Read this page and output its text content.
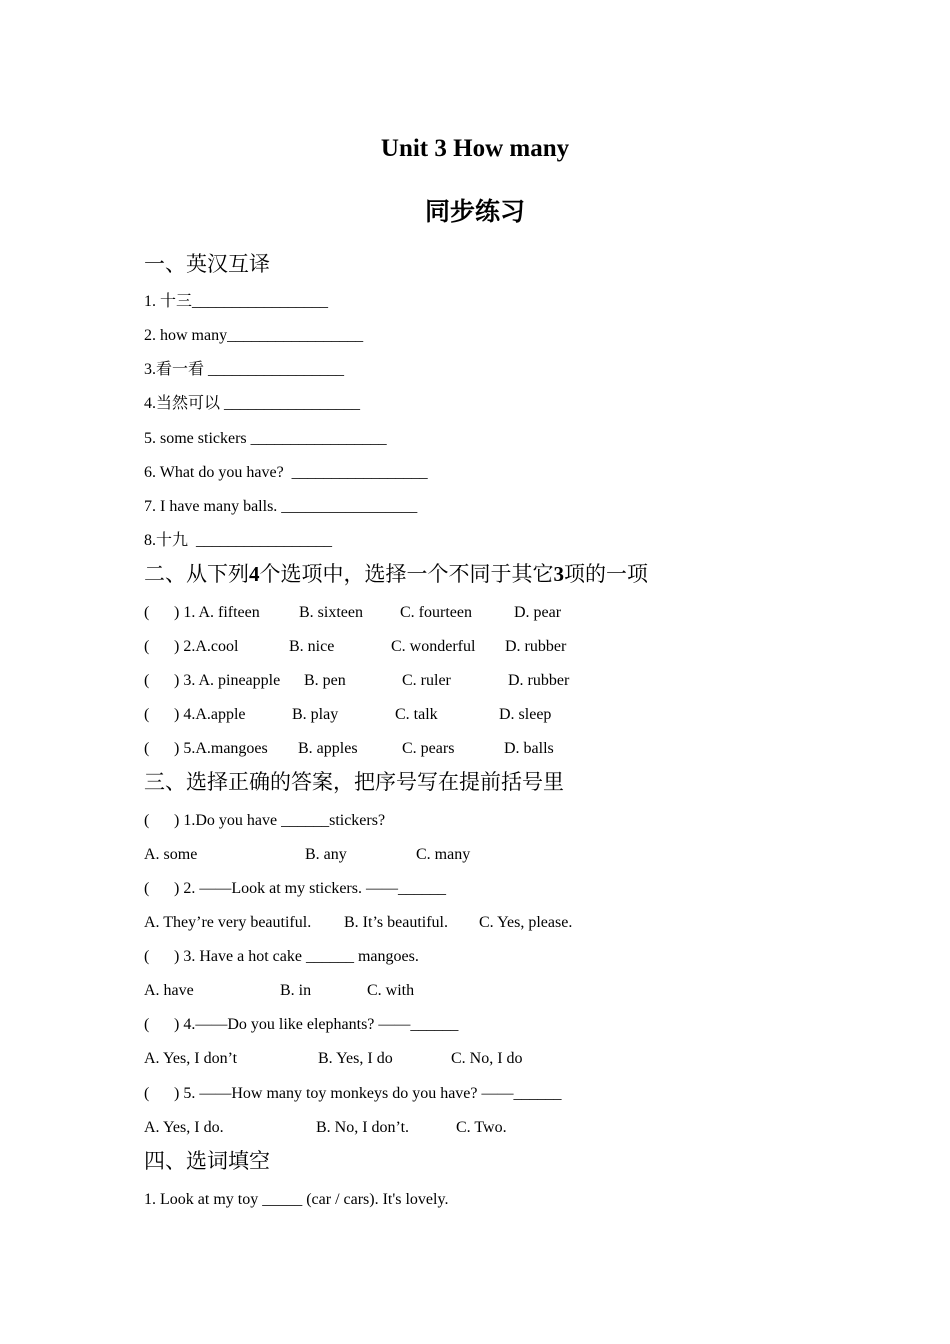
Unit 3 How many
同步练习
一、英汉互译
1. 十三_________________
2. how many_________________
3.看一看 _________________
4.当然可以 _________________
5. some stickers _________________
6. What do you have?  _________________
7. I have many balls. _________________
8.十九  _________________
二、从下列4个选项中，选择一个不同于其它3项的一项
( ) 1. A. fifteen B. sixteen C. fourteen	D. pear
( ) 2.A.cool	B. nice	C. wonderful D. rubber
( ) 3. A. pineapple B. pen	C. ruler	D. rubber
( ) 4.A.apple	B. play	C. talk	D. sleep
( ) 5.A.mangoes B. apples	C. pears	D. balls
三、选择正确的答案，把序号写在提前括号里
( ) 1.Do you have ______stickers?
A. some	B. any	C. many
( ) 2. ——Look at my stickers. ——______
A. They’re very beautiful. B. It’s beautiful. C. Yes, please.
( ) 3. Have a hot cake ______ mangoes.
A. have	B. in	C. with
( ) 4.——Do you like elephants? ——______
A. Yes, I don’t	B. Yes, I do	C. No, I do
( ) 5. ——How many toy monkeys do you have? ——______
A. Yes, I do.	B. No, I don’t.	C. Two.
四、选词填空
1. Look at my toy _____ (car / cars). It's lovely.
